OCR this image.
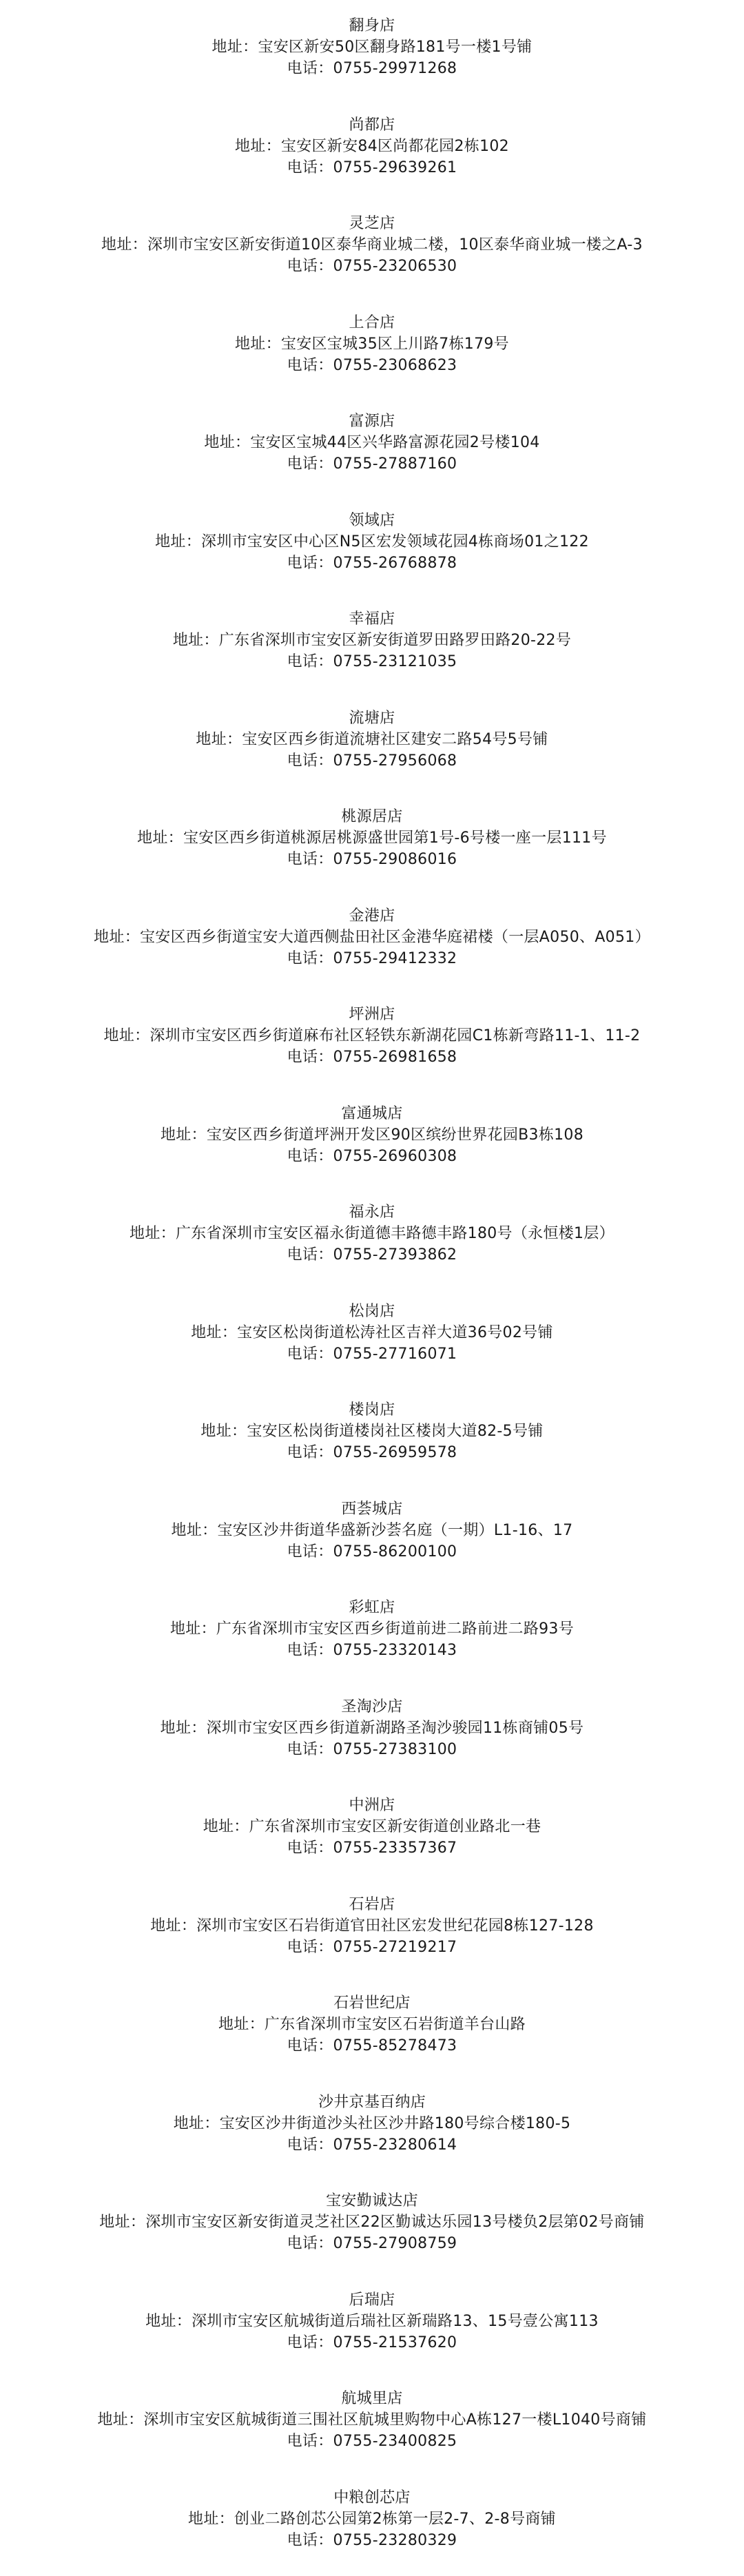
翻身店
地址：宝安区新安50区翻身路181号一楼1号铺
电话：0755-29971268
尚都店
地址：宝安区新安84区尚都花园2栋102
电话：0755-29639261
灵芝店
地址：深圳市宝安区新安街道10区泰华商业城二楼，10区泰华商业城一楼之A-3
电话：0755-23206530
上合店
地址：宝安区宝城35区上川路7栋179号
电话：0755-23068623
富源店
地址：宝安区宝城44区兴华路富源花园2号楼104
电话：0755-27887160
领域店
地址：深圳市宝安区中心区N5区宏发领域花园4栋商场01之122
电话：0755-26768878
幸福店
地址：广东省深圳市宝安区新安街道罗田路罗田路20-22号
电话：0755-23121035
流塘店
地址：宝安区西乡街道流塘社区建安二路54号5号铺
电话：0755-27956068
桃源居店
地址：宝安区西乡街道桃源居桃源盛世园第1号-6号楼一座一层111号
电话：0755-29086016
金港店
地址：宝安区西乡街道宝安大道西侧盐田社区金港华庭裙楼（一层A050、A051）
电话：0755-29412332
坪洲店
地址：深圳市宝安区西乡街道麻布社区轻铁东新湖花园C1栋新弯路11-1、11-2
电话：0755-26981658
富通城店
地址：宝安区西乡街道坪洲开发区90区缤纷世界花园B3栋108
电话：0755-26960308
福永店
地址：广东省深圳市宝安区福永街道德丰路德丰路180号（永恒楼1层）
电话：0755-27393862
松岗店
地址：宝安区松岗街道松涛社区吉祥大道36号02号铺
电话：0755-27716071
楼岗店
地址：宝安区松岗街道楼岗社区楼岗大道82-5号铺
电话：0755-26959578
西荟城店
地址：宝安区沙井街道华盛新沙荟名庭（一期）L1-16、17
电话：0755-86200100
彩虹店
地址：广东省深圳市宝安区西乡街道前进二路前进二路93号
电话：0755-23320143
圣淘沙店
地址：深圳市宝安区西乡街道新湖路圣淘沙骏园11栋商铺05号
电话：0755-27383100
中洲店
地址：广东省深圳市宝安区新安街道创业路北一巷
电话：0755-23357367
石岩店
地址：深圳市宝安区石岩街道官田社区宏发世纪花园8栋127-128
电话：0755-27219217
石岩世纪店
地址：广东省深圳市宝安区石岩街道羊台山路
电话：0755-85278473
沙井京基百纳店
地址：宝安区沙井街道沙头社区沙井路180号综合楼180-5
电话：0755-23280614
宝安勤诚达店
地址：深圳市宝安区新安街道灵芝社区22区勤诚达乐园13号楼负2层第02号商铺
电话：0755-27908759
后瑞店
地址：深圳市宝安区航城街道后瑞社区新瑞路13、15号壹公寓113
电话：0755-21537620
航城里店
地址：深圳市宝安区航城街道三围社区航城里购物中心A栋127一楼L1040号商铺
电话：0755-23400825
中粮创芯店
地址：创业二路创芯公园第2栋第一层2-7、2-8号商铺
电话：0755-23280329
